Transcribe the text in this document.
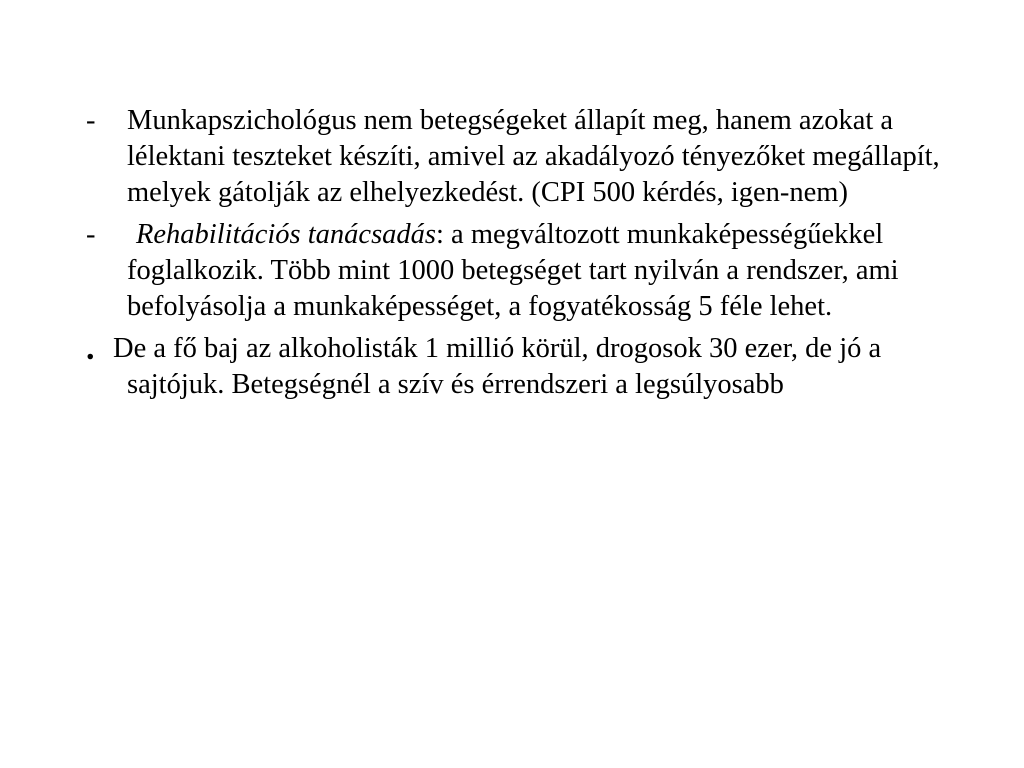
- Munkapszichológus nem betegségeket állapít meg, hanem azokat a lélektani teszteket készíti, amivel az akadályozó tényezőket megállapít, melyek gátolják az elhelyezkedést. (CPI 500 kérdés, igen-nem)
- Rehabilitációs tanácsadás: a megváltozott munkaképességűekkel foglalkozik. Több mint 1000 betegséget tart nyilván a rendszer, ami befolyásolja a munkaképességet, a fogyatékosság 5 féle lehet.
. De a fő baj az alkoholisták 1 millió körül, drogosok 30 ezer, de jó a sajtójuk. Betegségnél a szív és érrendszeri a legsúlyosabb
